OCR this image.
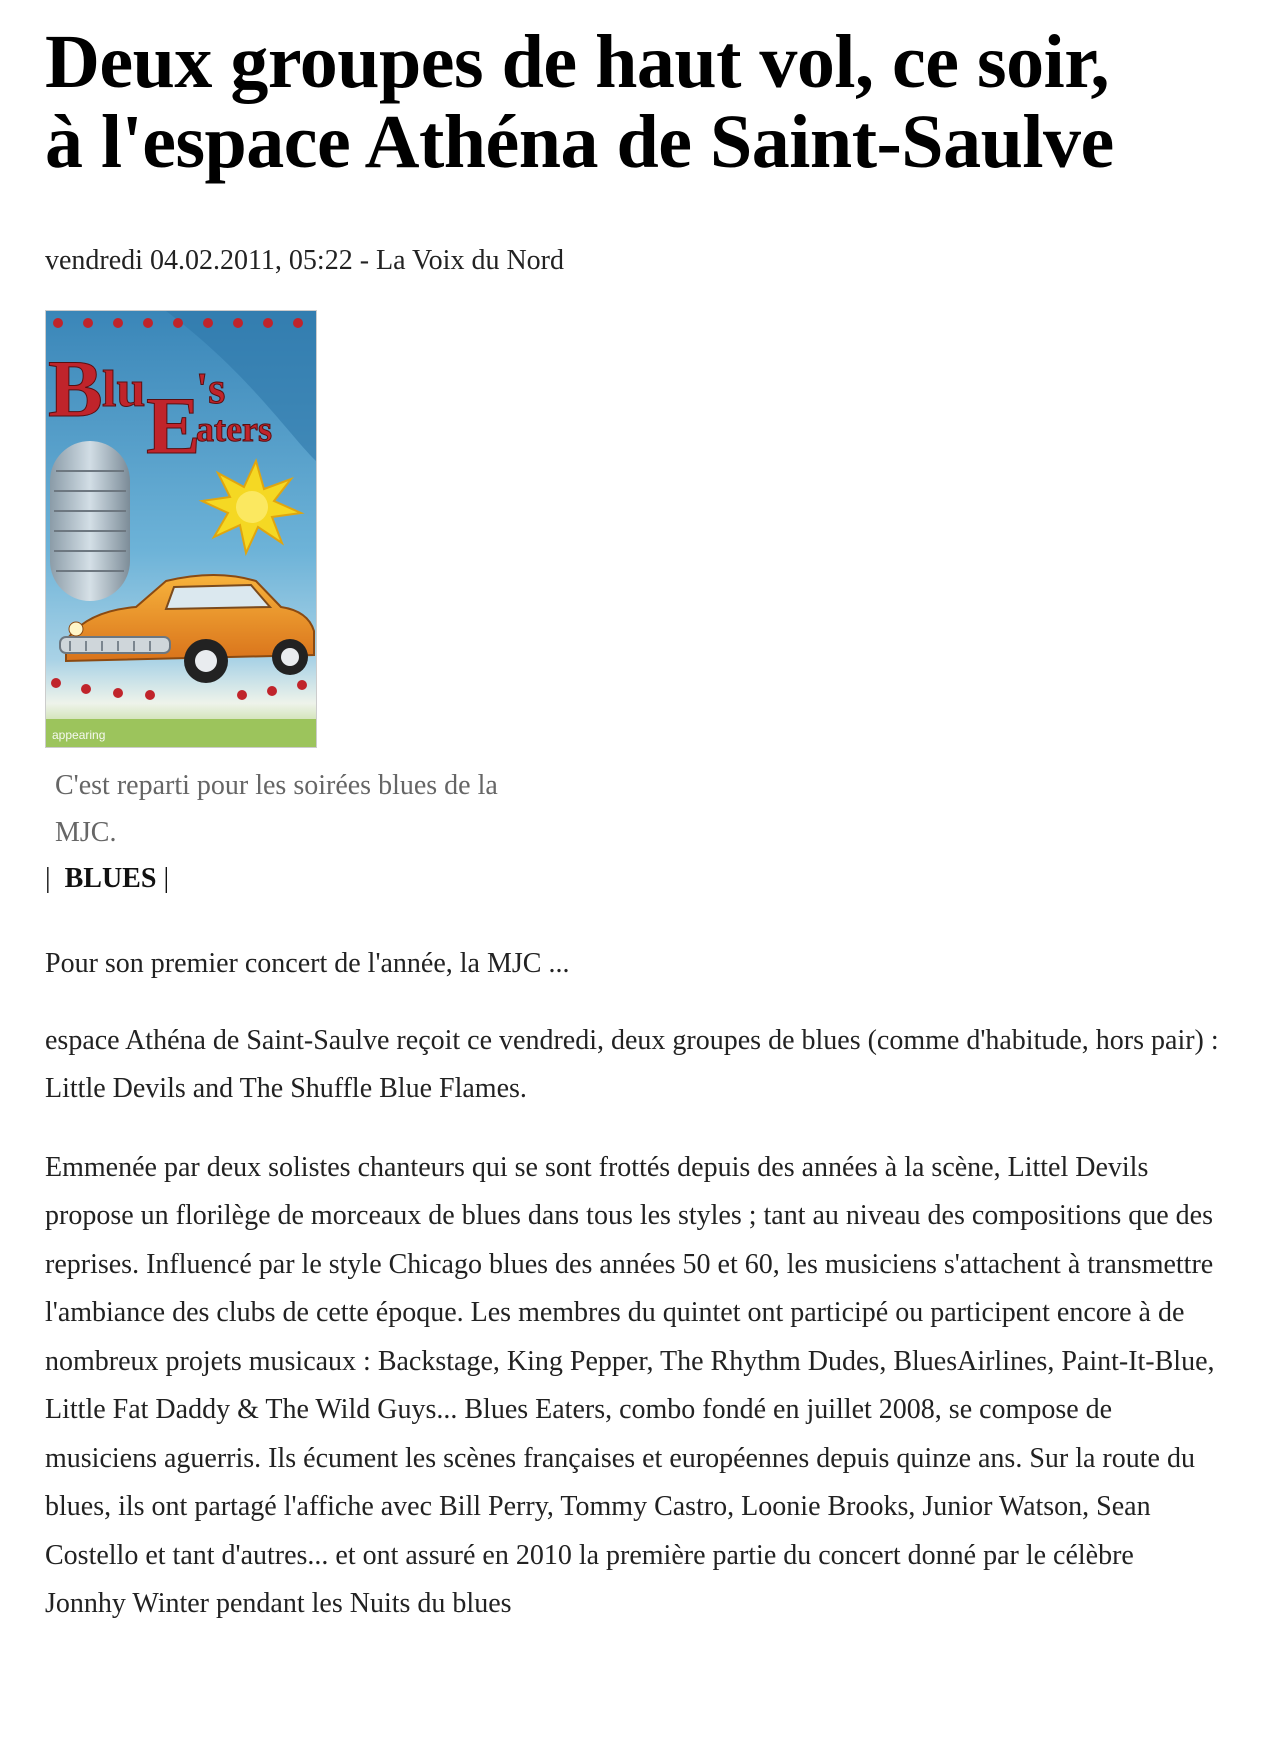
Deux groupes de haut vol, ce soir,
à l'espace Athéna de Saint-Saulve
vendredi 04.02.2011, 05:22 - La Voix du Nord
B lu E
's
aters
appearing
C'est reparti pour les soirées blues de la MJC.
|  BLUES |

Pour son premier concert de l'année, la MJC ...

espace Athéna de Saint-Saulve reçoit ce vendredi, deux groupes de blues (comme d'habitude, hors pair) : Little Devils and The Shuffle Blue Flames.

Emmenée par deux solistes chanteurs qui se sont frottés depuis des années à la scène, Littel Devils propose un florilège de morceaux de blues dans tous les styles ; tant au niveau des compositions que des reprises. Influencé par le style Chicago blues des années 50 et 60, les musiciens s'attachent à transmettre l'ambiance des clubs de cette époque. Les membres du quintet ont participé ou participent encore à de nombreux projets musicaux : Backstage, King Pepper, The Rhythm Dudes, BluesAirlines, Paint-It-Blue, Little Fat Daddy & The Wild Guys... Blues Eaters, combo fondé en juillet 2008, se compose de musiciens aguerris. Ils écument les scènes françaises et européennes depuis quinze ans. Sur la route du blues, ils ont partagé l'affiche avec Bill Perry, Tommy Castro, Loonie Brooks, Junior Watson, Sean Costello et tant d'autres... et ont assuré en 2010 la première partie du concert donné par le célèbre Jonnhy Winter pendant les Nuits du blues
